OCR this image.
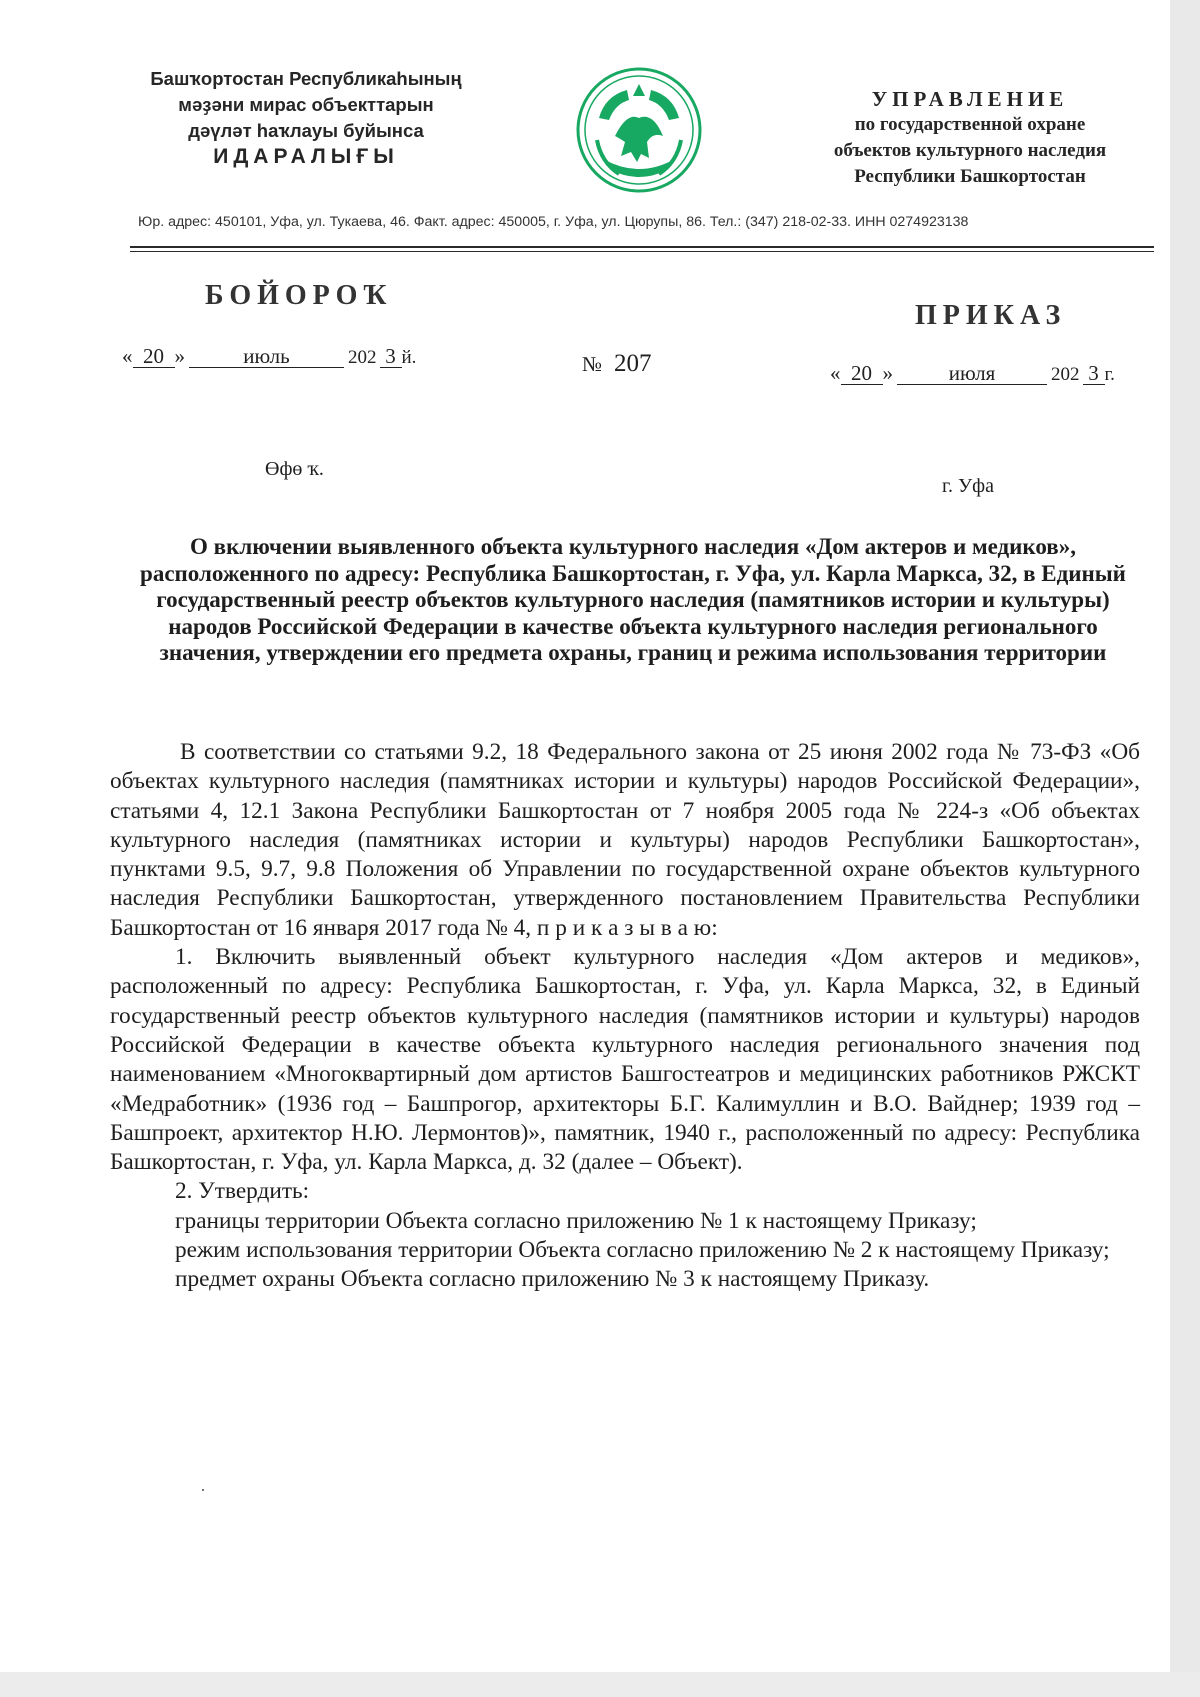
Башҡортостан Республикаһының
мәҙәни мирас объекттарын
дәүләт һаҡлауы буйынса
ИДАРАЛЫҒЫ
УПРАВЛЕНИЕ
по государственной охране
объектов культурного наследия
Республики Башкортостан
Юр. адрес: 450101, Уфа, ул. Тукаева, 46. Факт. адрес: 450005, г. Уфа, ул. Цюрупы, 86. Тел.: (347) 218-02-33. ИНН 0274923138
БОЙОРОҠ
ПРИКАЗ
« 20 »	июль	202 3 й.	№ 207	« 20 »	июля	202 3 г.
Өфө ҡ.
г. Уфа
О включении выявленного объекта культурного наследия «Дом актеров и медиков», расположенного по адресу: Республика Башкортостан, г. Уфа, ул. Карла Маркса, 32, в Единый государственный реестр объектов культурного наследия (памятников истории и культуры) народов Российской Федерации в качестве объекта культурного наследия регионального значения, утверждении его предмета охраны, границ и режима использования территории

В соответствии со статьями 9.2, 18 Федерального закона от 25 июня 2002 года № 73-ФЗ «Об объектах культурного наследия (памятниках истории и культуры) народов Российской Федерации», статьями 4, 12.1 Закона Республики Башкортостан от 7 ноября 2005 года № 224-з «Об объектах культурного наследия (памятниках истории и культуры) народов Республики Башкортостан», пунктами 9.5, 9.7, 9.8 Положения об Управлении по государственной охране объектов культурного наследия Республики Башкортостан, утвержденного постановлением Правительства Республики Башкортостан от 16 января 2017 года № 4, п р и к а з ы в а ю:

1. Включить выявленный объект культурного наследия «Дом актеров и медиков», расположенный по адресу: Республика Башкортостан, г. Уфа, ул. Карла Маркса, 32, в Единый государственный реестр объектов культурного наследия (памятников истории и культуры) народов Российской Федерации в качестве объекта культурного наследия регионального значения под наименованием «Многоквартирный дом артистов Башгостеатров и медицинских работников РЖСКТ «Медработник» (1936 год – Башпрогор, архитекторы Б.Г. Калимуллин и В.О. Вайднер; 1939 год – Башпроект, архитектор Н.Ю. Лермонтов)», памятник, 1940 г., расположенный по адресу: Республика Башкортостан, г. Уфа, ул. Карла Маркса, д. 32 (далее – Объект).

2. Утвердить:

границы территории Объекта согласно приложению № 1 к настоящему Приказу;

режим использования территории Объекта согласно приложению № 2 к настоящему Приказу;

предмет охраны Объекта согласно приложению № 3 к настоящему Приказу.
